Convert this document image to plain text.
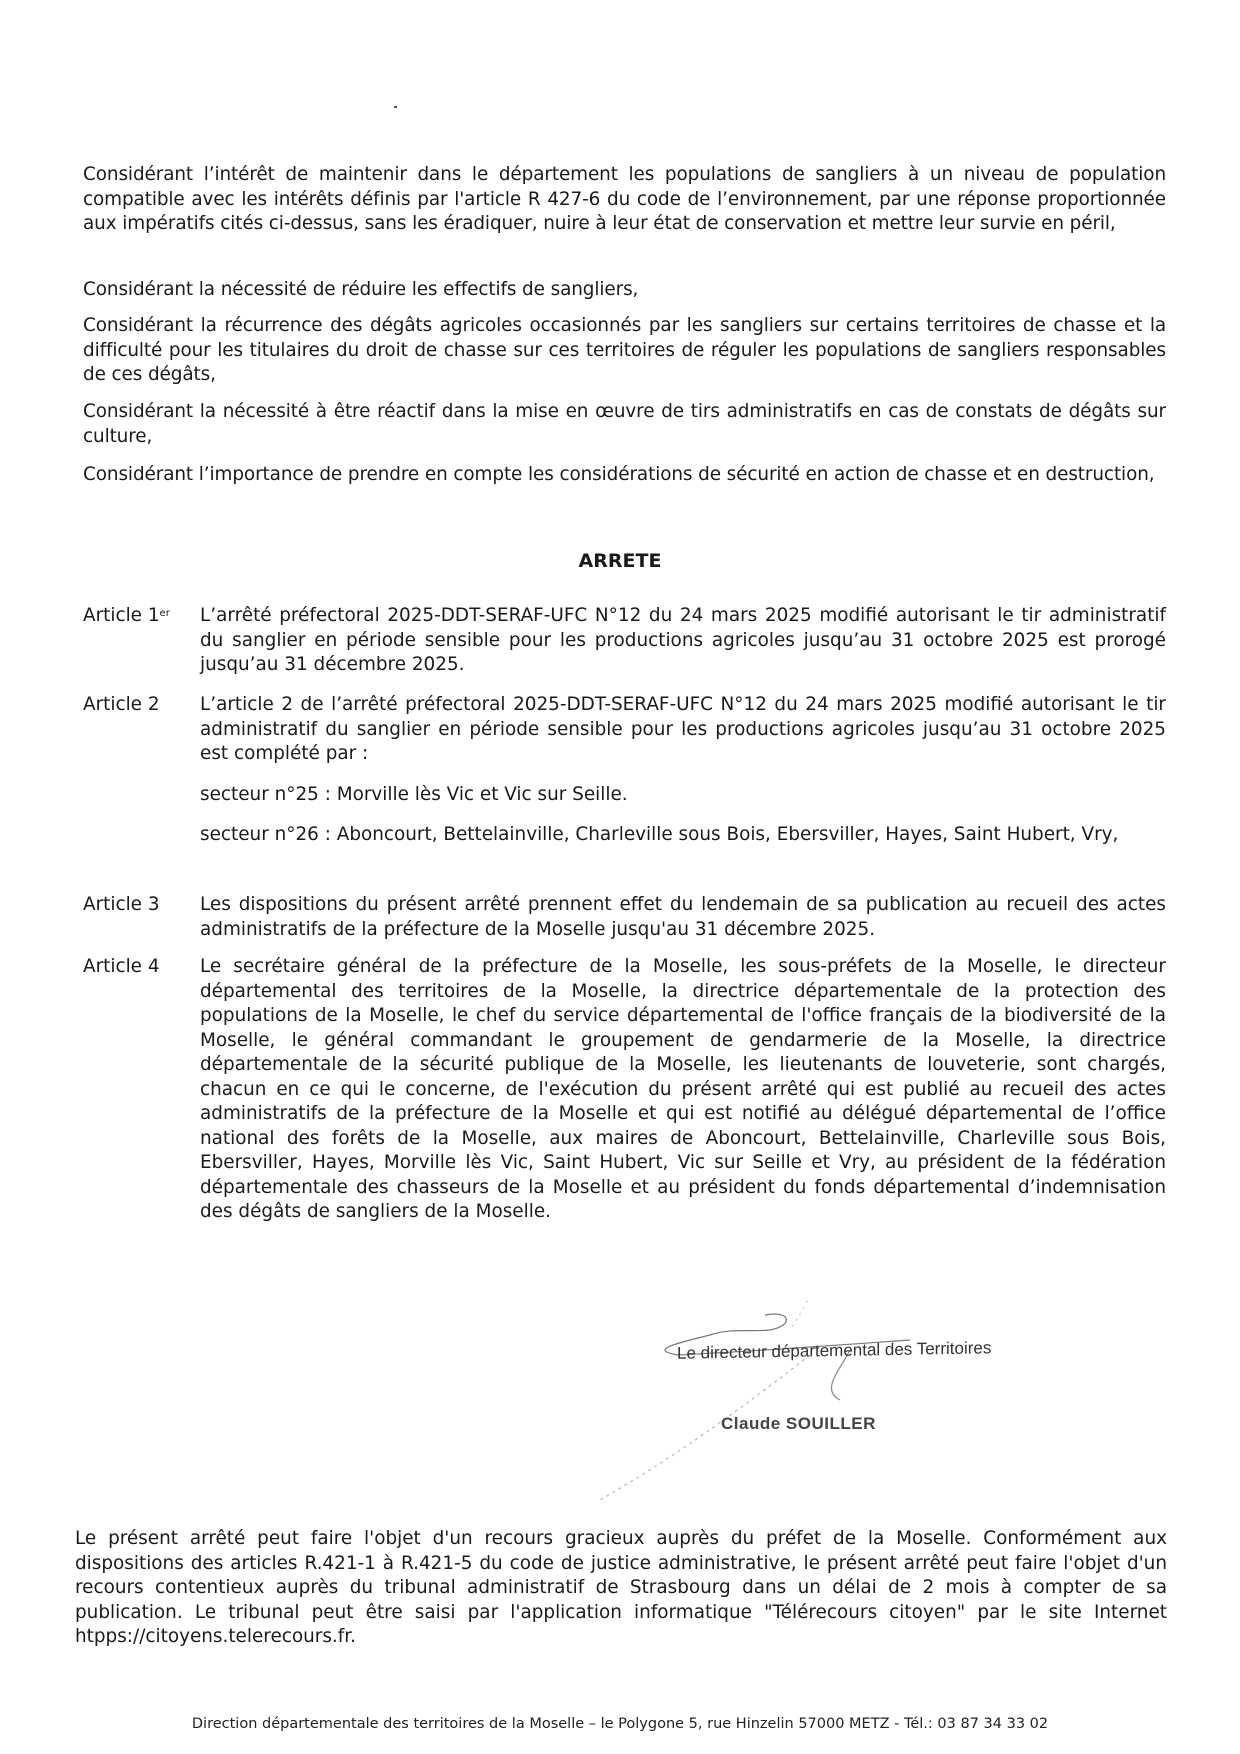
Considérant l’intérêt de maintenir dans le département les populations de sangliers à un niveau de population compatible avec les intérêts définis par l'article R 427-6 du code de l’environnement, par une réponse proportionnée aux impératifs cités ci-dessus, sans les éradiquer, nuire à leur état de conservation et mettre leur survie en péril,

Considérant la nécessité de réduire les effectifs de sangliers,

Considérant la récurrence des dégâts agricoles occasionnés par les sangliers sur certains territoires de chasse et la difficulté pour les titulaires du droit de chasse sur ces territoires de réguler les populations de sangliers responsables de ces dégâts,

Considérant la nécessité à être réactif dans la mise en œuvre de tirs administratifs en cas de constats de dégâts sur culture,

Considérant l’importance de prendre en compte les considérations de sécurité en action de chasse et en destruction,

ARRETE
Article 1er	L’arrêté préfectoral 2025-DDT-SERAF-UFC N°12 du 24 mars 2025 modifié autorisant le tir administratif du sanglier en période sensible pour les productions agricoles jusqu’au 31 octobre 2025 est prorogé jusqu’au 31 décembre 2025.

Article 2	L’article 2 de l’arrêté préfectoral 2025-DDT-SERAF-UFC N°12 du 24 mars 2025 modifié autorisant le tir administratif du sanglier en période sensible pour les productions agricoles jusqu’au 31 octobre 2025 est complété par :

secteur n°25 : Morville lès Vic et Vic sur Seille.

secteur n°26 : Aboncourt, Bettelainville, Charleville sous Bois, Ebersviller, Hayes, Saint Hubert, Vry,

Article 3	Les dispositions du présent arrêté prennent effet du lendemain de sa publication au recueil des actes administratifs de la préfecture de la Moselle jusqu'au 31 décembre 2025.

Article 4	Le secrétaire général de la préfecture de la Moselle, les sous-préfets de la Moselle, le directeur départemental des territoires de la Moselle, la directrice départementale de la protection des populations de la Moselle, le chef du service départemental de l'office français de la biodiversité de la Moselle, le général commandant le groupement de gendarmerie de la Moselle, la directrice départementale de la sécurité publique de la Moselle, les lieutenants de louveterie, sont chargés, chacun en ce qui le concerne, de l'exécution du présent arrêté qui est publié au recueil des actes administratifs de la préfecture de la Moselle et qui est notifié au délégué départemental de l’office national des forêts de la Moselle, aux maires de Aboncourt, Bettelainville, Charleville sous Bois, Ebersviller, Hayes, Morville lès Vic, Saint Hubert, Vic sur Seille et Vry, au président de la fédération départementale des chasseurs de la Moselle et au président du fonds départemental d’indemnisation des dégâts de sangliers de la Moselle.

Le directeur départemental des Territoires
Claude SOUILLER

Le présent arrêté peut faire l'objet d'un recours gracieux auprès du préfet de la Moselle. Conformément aux dispositions des articles R.421-1 à R.421-5 du code de justice administrative, le présent arrêté peut faire l'objet d'un recours contentieux auprès du tribunal administratif de Strasbourg dans un délai de 2 mois à compter de sa publication. Le tribunal peut être saisi par l'application informatique "Télérecours citoyen" par le site Internet htpps://citoyens.telerecours.fr.

Direction départementale des territoires de la Moselle – le Polygone 5, rue Hinzelin 57000 METZ - Tél.: 03 87 34 33 02
